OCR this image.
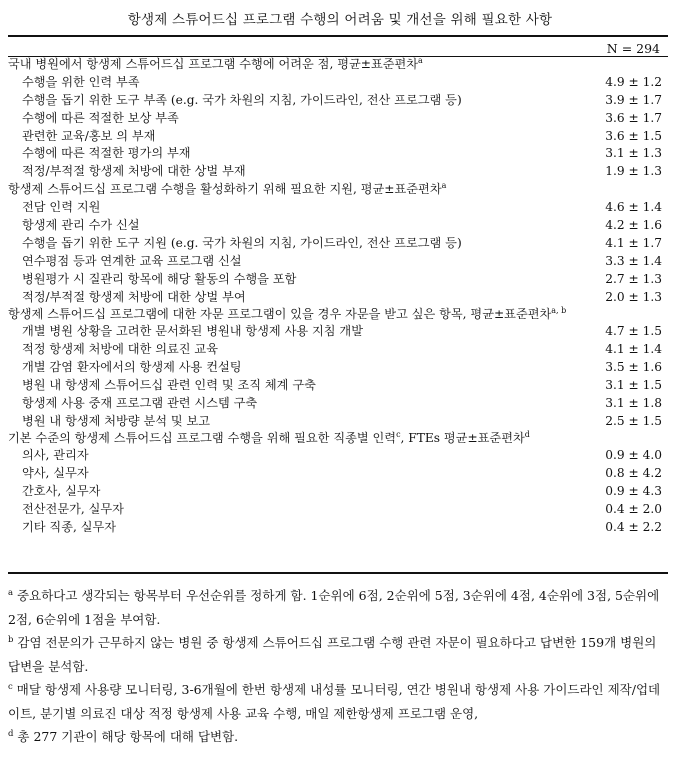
항생제 스튜어드십 프로그램 수행의 어려움 및 개선을 위해 필요한 사항
N = 294
국내 병원에서 항생제 스튜어드십 프로그램 수행에 어려운 점, 평균±표준편차$^a$
수행을 위한 인력 부족	4.9 ± 1.2
수행을 돕기 위한 도구 부족 (e.g. 국가 차원의 지침, 가이드라인, 전산 프로그램 등)	3.9 ± 1.7
수행에 따른 적절한 보상 부족	3.6 ± 1.7
관련한 교육/홍보 의 부재	3.6 ± 1.5
수행에 따른 적절한 평가의 부재	3.1 ± 1.3
적정/부적절 항생제 처방에 대한 상벌 부재	1.9 ± 1.3
항생제 스튜어드십 프로그램 수행을 활성화하기 위해 필요한 지원, 평균±표준편차$^a$
전담 인력 지원	4.6 ± 1.4
항생제 관리 수가 신설	4.2 ± 1.6
수행을 돕기 위한 도구 지원 (e.g. 국가 차원의 지침, 가이드라인, 전산 프로그램 등)	4.1 ± 1.7
연수평점 등과 연계한 교육 프로그램 신설	3.3 ± 1.4
병원평가 시 질관리 항목에 해당 활동의 수행을 포함	2.7 ± 1.3
적정/부적절 항생제 처방에 대한 상벌 부여	2.0 ± 1.3
항생제 스튜어드십 프로그램에 대한 자문 프로그램이 있을 경우 자문을 받고 싶은 항목, 평균±표준편차$^{a, b}$
개별 병원 상황을 고려한 문서화된 병원내 항생제 사용 지침 개발	4.7 ± 1.5
적정 항생제 처방에 대한 의료진 교육	4.1 ± 1.4
개별 감염 환자에서의 항생제 사용 컨설팅	3.5 ± 1.6
병원 내 항생제 스튜어드십 관련 인력 및 조직 체계 구축	3.1 ± 1.5
항생제 사용 중재 프로그램 관련 시스템 구축	3.1 ± 1.8
병원 내 항생제 처방량 분석 및 보고	2.5 ± 1.5
기본 수준의 항생제 스튜어드십 프로그램 수행을 위해 필요한 직종별 인력$^c$, FTEs 평균±표준편차$^d$
의사, 관리자	0.9 ± 4.0
약사, 실무자	0.8 ± 4.2
간호사, 실무자	0.9 ± 4.3
전산전문가, 실무자	0.4 ± 2.0
기타 직종, 실무자	0.4 ± 2.2

$^a$ 중요하다고 생각되는 항목부터 우선순위를 정하게 함. 1순위에 6점, 2순위에 5점, 3순위에 4점, 4순위에 3점, 5순위에 2점, 6순위에 1점을 부여함.

$^b$ 감염 전문의가 근무하지 않는 병원 중 항생제 스튜어드십 프로그램 수행 관련 자문이 필요하다고 답변한 159개 병원의 답변을 분석함.

$^c$ 매달 항생제 사용량 모니터링, 3-6개월에 한번 항생제 내성률 모니터링, 연간 병원내 항생제 사용 가이드라인 제작/업데이트, 분기별 의료진 대상 적정 항생제 사용 교육 수행, 매일 제한항생제 프로그램 운영,

$^d$ 총 277 기관이 해당 항목에 대해 답변함.
